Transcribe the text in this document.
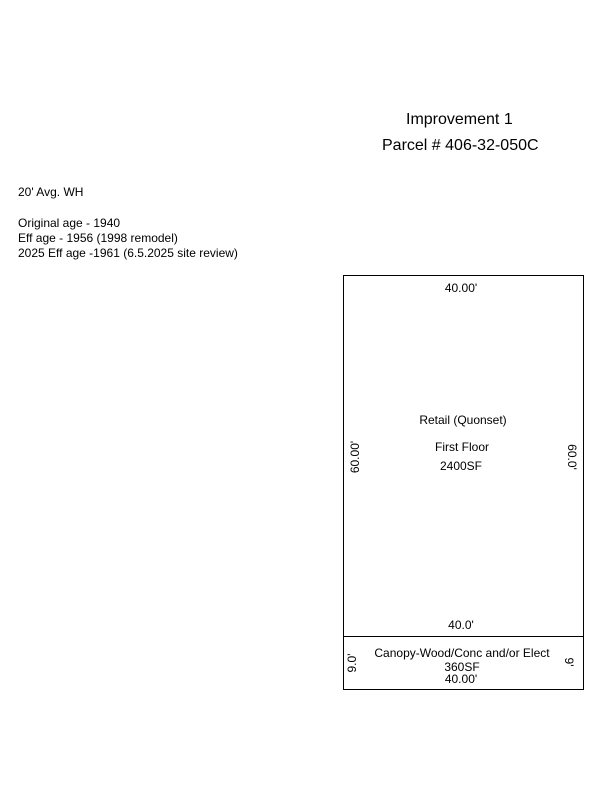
Improvement 1
Parcel # 406-32-050C
20' Avg. WH
Original age - 1940
Eff age - 1956 (1998 remodel)
2025 Eff age -1961 (6.5.2025 site review)
40.00'
60.00'	60.0'
Retail (Quonset)
First Floor
2400SF
40.0'
9.0'	9'
Canopy-Wood/Conc and/or Elect
360SF
40.00'
